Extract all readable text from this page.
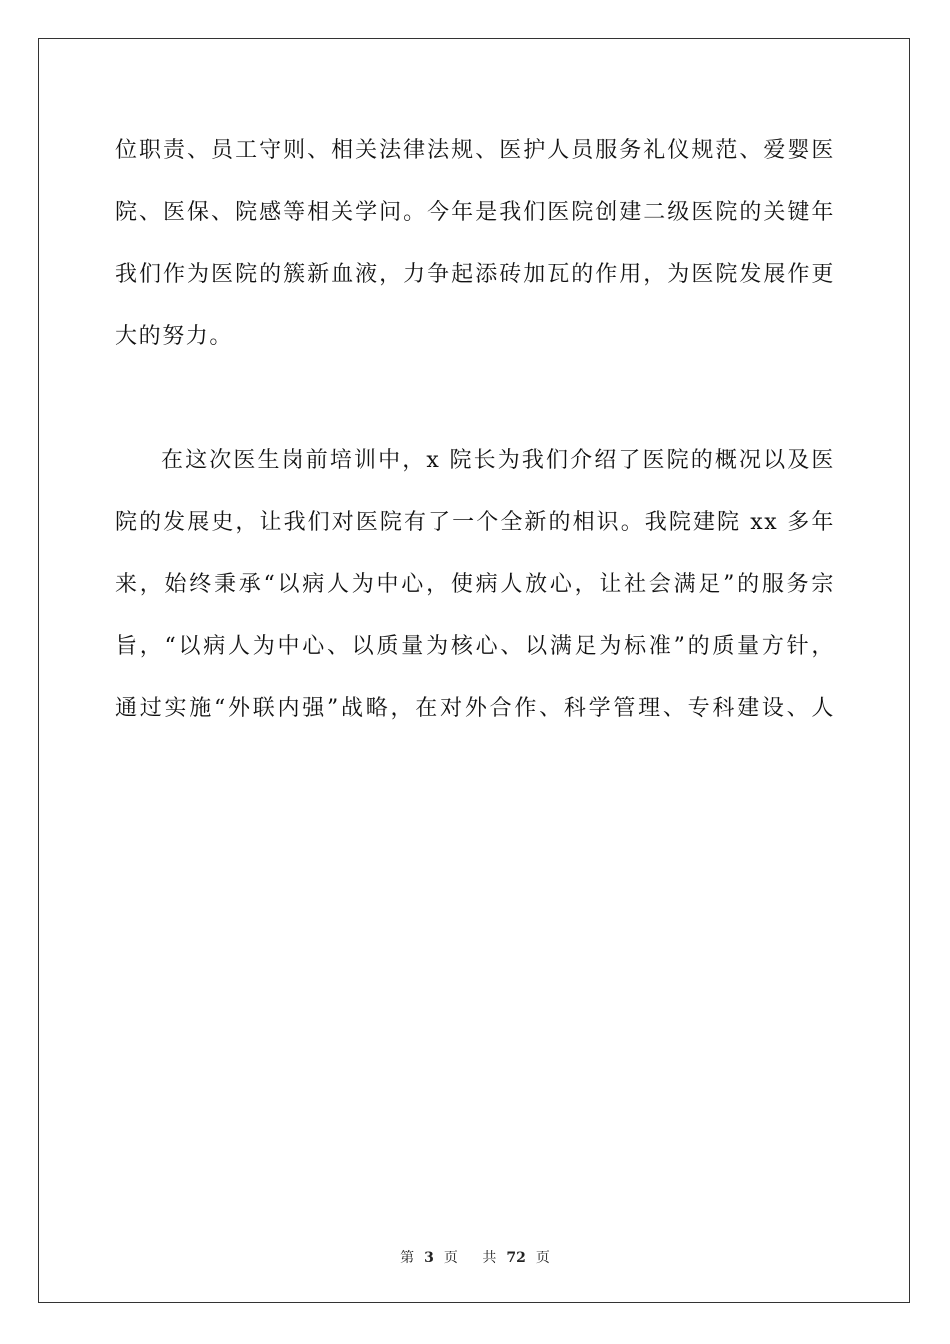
位职责、员工守则、相关法律法规、医护人员服务礼仪规范、爱婴医
院、医保、院感等相关学问。今年是我们医院创建二级医院的关键年
我们作为医院的簇新血液，力争起添砖加瓦的作用，为医院发展作更
大的努力。
在这次医生岗前培训中，x 院长为我们介绍了医院的概况以及医
院的发展史，让我们对医院有了一个全新的相识。我院建院 xx 多年
来，始终秉承“以病人为中心，使病人放心，让社会满足”的服务宗
旨，“以病人为中心、以质量为核心、以满足为标准”的质量方针，
通过实施“外联内强”战略，在对外合作、科学管理、专科建设、人
第 3 页 共 72 页
